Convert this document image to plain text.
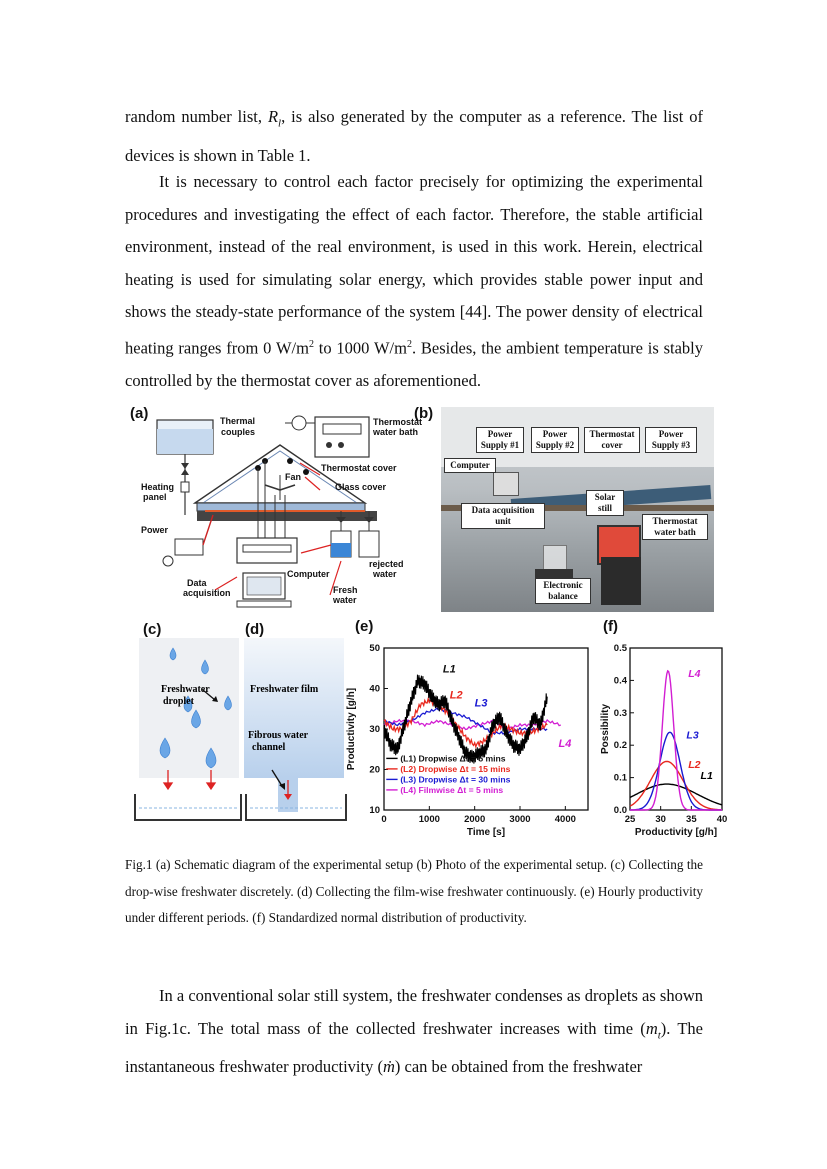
random number list, $R_l$, is also generated by the computer as a reference. The list of devices is shown in Table 1.

It is necessary to control each factor precisely for optimizing the experimental procedures and investigating the effect of each factor. Therefore, the stable artificial environment, instead of the real environment, is used in this work. Herein, electrical heating is used for simulating solar energy, which provides stable power input and shows the steady-state performance of the system [44]. The power density of electrical heating ranges from 0 $W/m^2$ to 1000 $W/m^2$. Besides, the ambient temperature is stably controlled by the thermostat cover as aforementioned.

(a)	Thermal
couples
Thermostat
water bath
Thermostat cover
Fan
Glass cover
Heating
panel
Power
Computer
Data
acquisition
rejected
water
Fresh
water
(b)
Power Supply #1
Power Supply #2
Thermostat cover
Power Supply #3
Computer
Data acquisition unit
Solar still
Thermostat water bath
Electronic balance
(c)
Freshwater
droplet
(d)
Freshwater film
Fibrous water
channel
(e)
0	1000	2000	3000	4000
10
20
30
40
50
Time [s]
Productivity [g/h]
L1
L2
L3
L4
(L1) Dropwise Δt = 5 mins
(L2) Dropwise Δt = 15 mins
(L3) Dropwise Δt = 30 mins
(L4) Filmwise Δt = 5 mins
(f)
25 30 35 40
0.0
0.1
0.2
0.3
0.4
0.5
Productivity [g/h]
Possibility
L4
L3
L2
L1

Fig.1 (a) Schematic diagram of the experimental setup (b) Photo of the experimental setup. (c) Collecting the drop-wise freshwater discretely. (d) Collecting the film-wise freshwater continuously. (e) Hourly productivity under different periods. (f) Standardized normal distribution of productivity.

In a conventional solar still system, the freshwater condenses as droplets as shown in Fig.1c. The total mass of the collected freshwater increases with time $(m_t)$. The instantaneous freshwater productivity (ṁ) can be obtained from the freshwater
